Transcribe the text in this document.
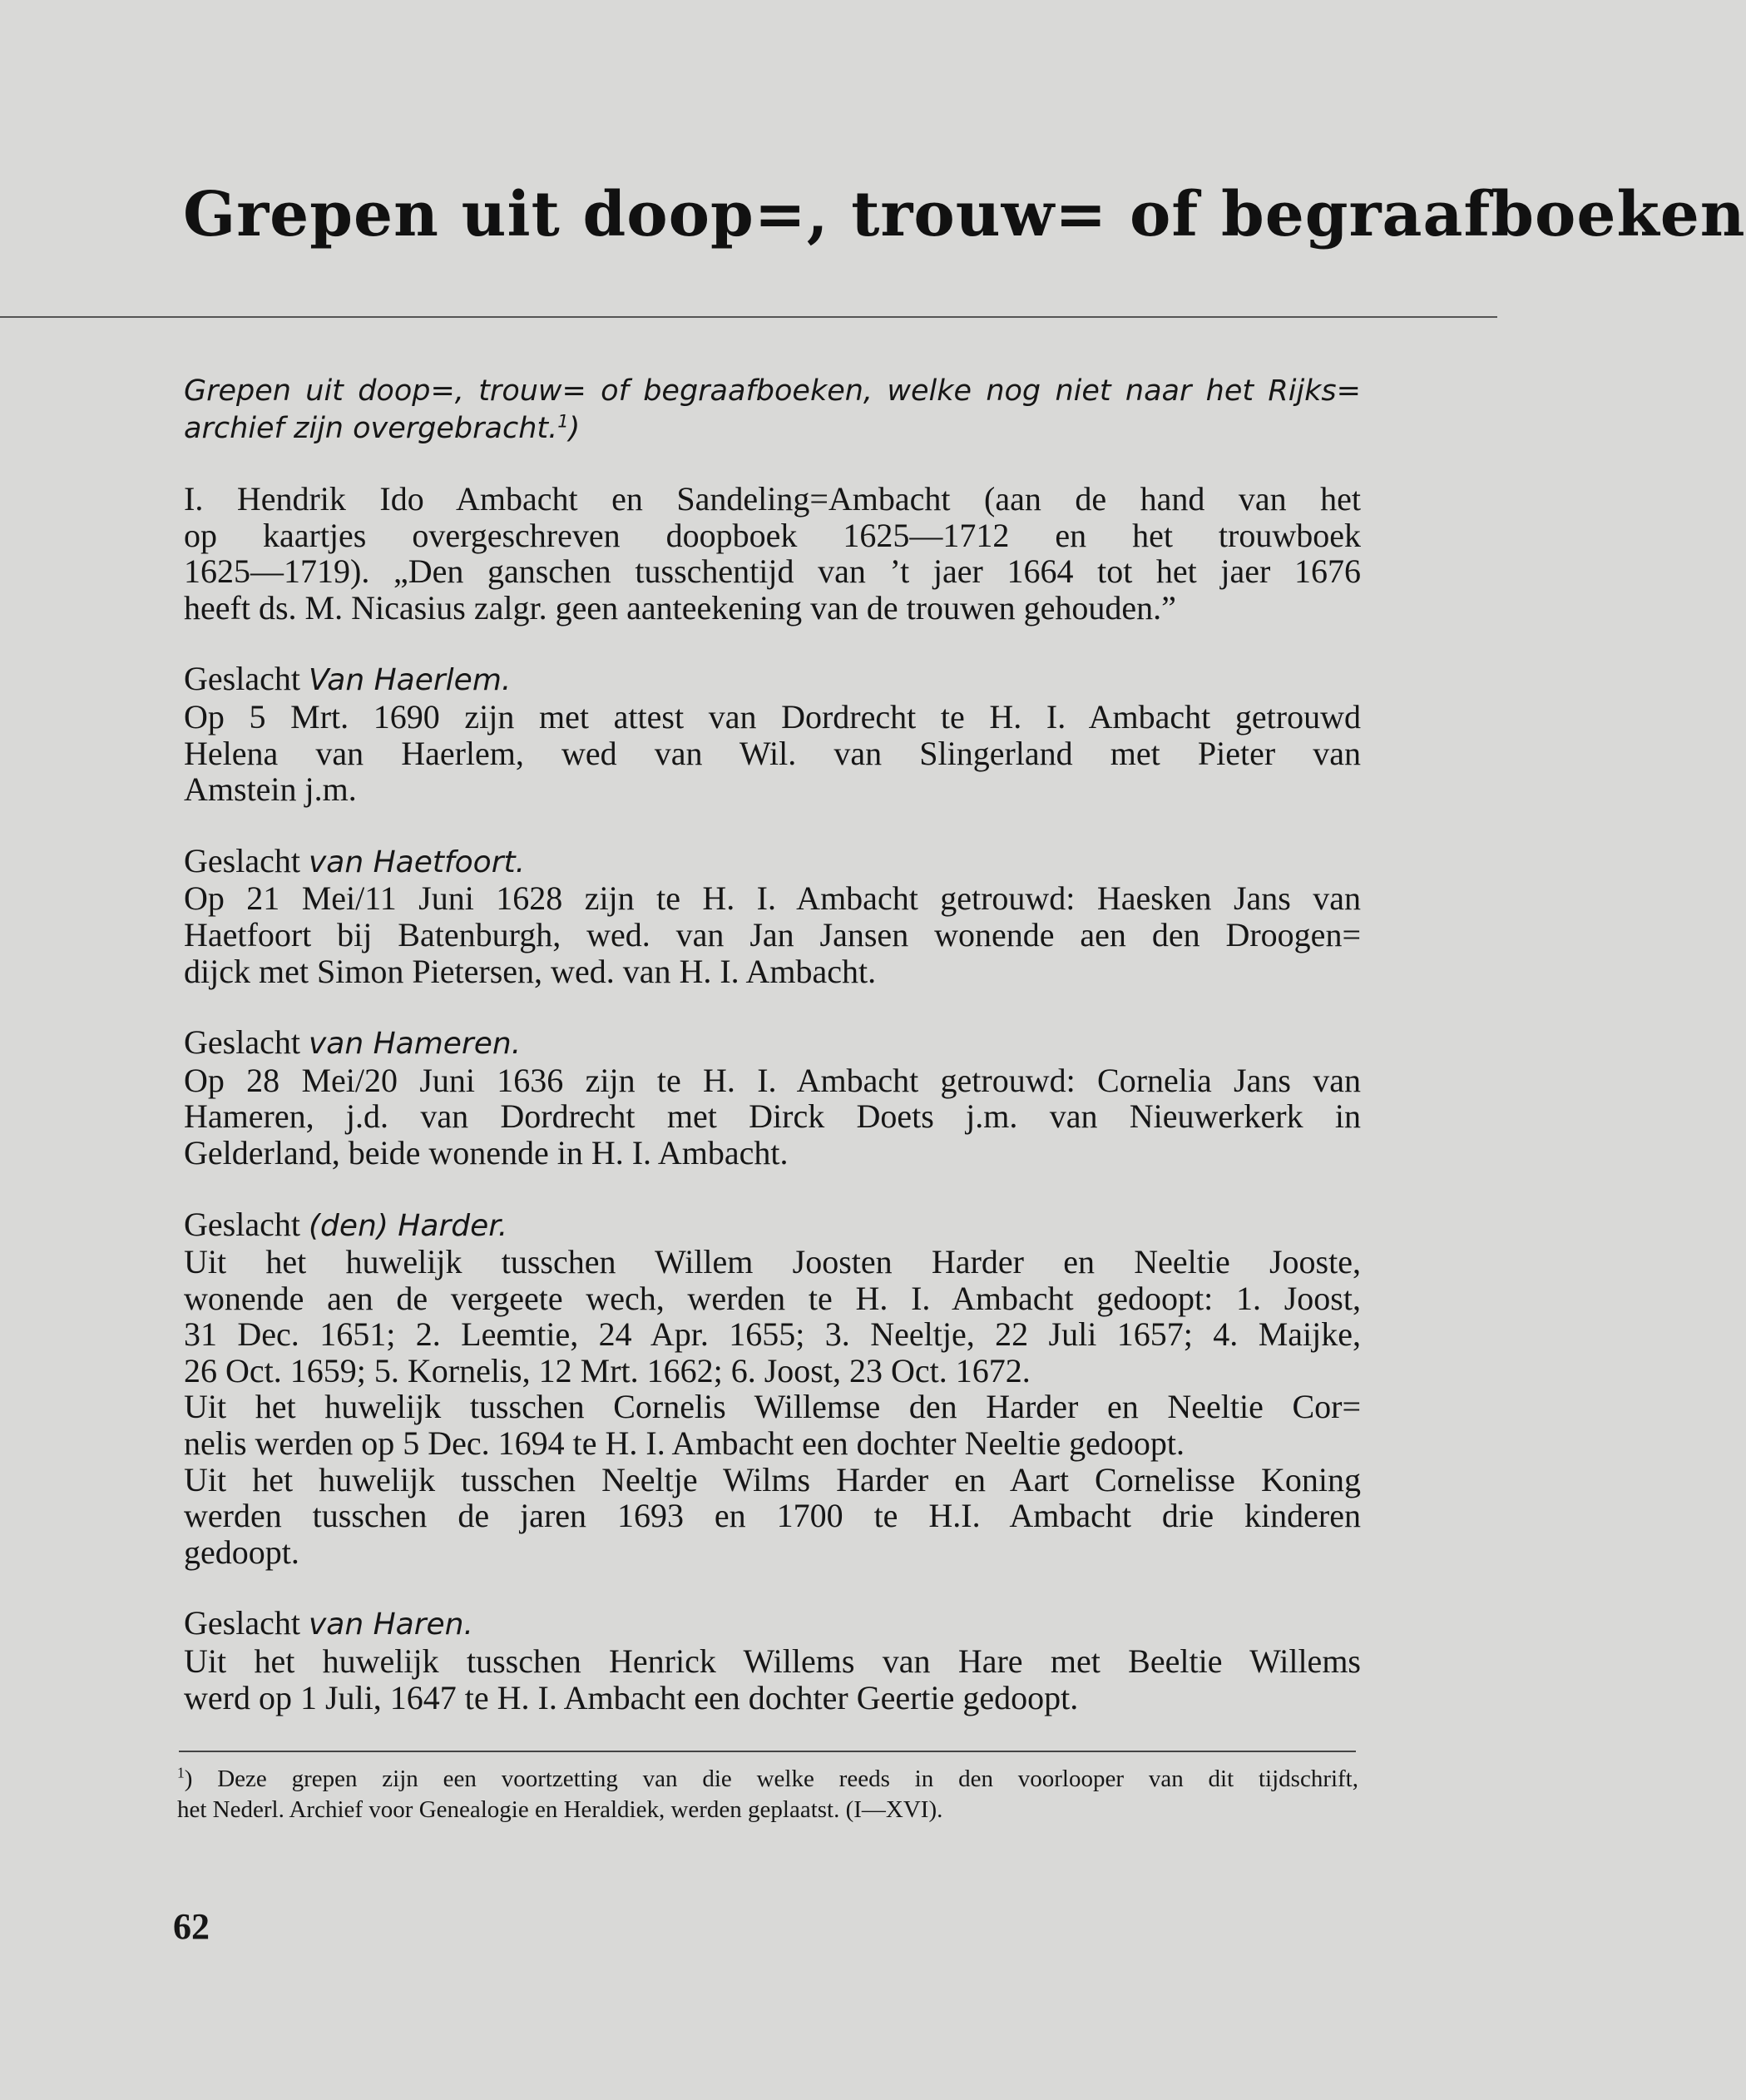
Grepen uit doop=, trouw= of begraafboeken

Grepen uit doop=, trouw= of begraafboeken, welke nog niet naar het Rijks=

archief zijn overgebracht.$^1$)

I. Hendrik Ido Ambacht en Sandeling=Ambacht (aan de hand van het

op kaartjes overgeschreven doopboek 1625—1712 en het trouwboek

1625—1719). „Den ganschen tusschentijd van ’t jaer 1664 tot het jaer 1676

heeft ds. M. Nicasius zalgr. geen aanteekening van de trouwen gehouden.”

Geslacht Van Haerlem.

Op 5 Mrt. 1690 zijn met attest van Dordrecht te H. I. Ambacht getrouwd

Helena van Haerlem, wed van Wil. van Slingerland met Pieter van

Amstein j.m.

Geslacht van Haetfoort.

Op 21 Mei/11 Juni 1628 zijn te H. I. Ambacht getrouwd: Haesken Jans van

Haetfoort bij Batenburgh, wed. van Jan Jansen wonende aen den Droogen=

dijck met Simon Pietersen, wed. van H. I. Ambacht.

Geslacht van Hameren.

Op 28 Mei/20 Juni 1636 zijn te H. I. Ambacht getrouwd: Cornelia Jans van

Hameren, j.d. van Dordrecht met Dirck Doets j.m. van Nieuwerkerk in

Gelderland, beide wonende in H. I. Ambacht.

Geslacht (den) Harder.

Uit het huwelijk tusschen Willem Joosten Harder en Neeltie Jooste,

wonende aen de vergeete wech, werden te H. I. Ambacht gedoopt: 1. Joost,

31 Dec. 1651; 2. Leemtie, 24 Apr. 1655; 3. Neeltje, 22 Juli 1657; 4. Maijke,

26 Oct. 1659; 5. Kornelis, 12 Mrt. 1662; 6. Joost, 23 Oct. 1672.

Uit het huwelijk tusschen Cornelis Willemse den Harder en Neeltie Cor=

nelis werden op 5 Dec. 1694 te H. I. Ambacht een dochter Neeltie gedoopt.

Uit het huwelijk tusschen Neeltje Wilms Harder en Aart Cornelisse Koning

werden tusschen de jaren 1693 en 1700 te H.I. Ambacht drie kinderen

gedoopt.

Geslacht van Haren.

Uit het huwelijk tusschen Henrick Willems van Hare met Beeltie Willems

werd op 1 Juli, 1647 te H. I. Ambacht een dochter Geertie gedoopt.

$^1$) Deze grepen zijn een voortzetting van die welke reeds in den voorlooper van dit tijdschrift,

het Nederl. Archief voor Genealogie en Heraldiek, werden geplaatst. (I—XVI).

62
